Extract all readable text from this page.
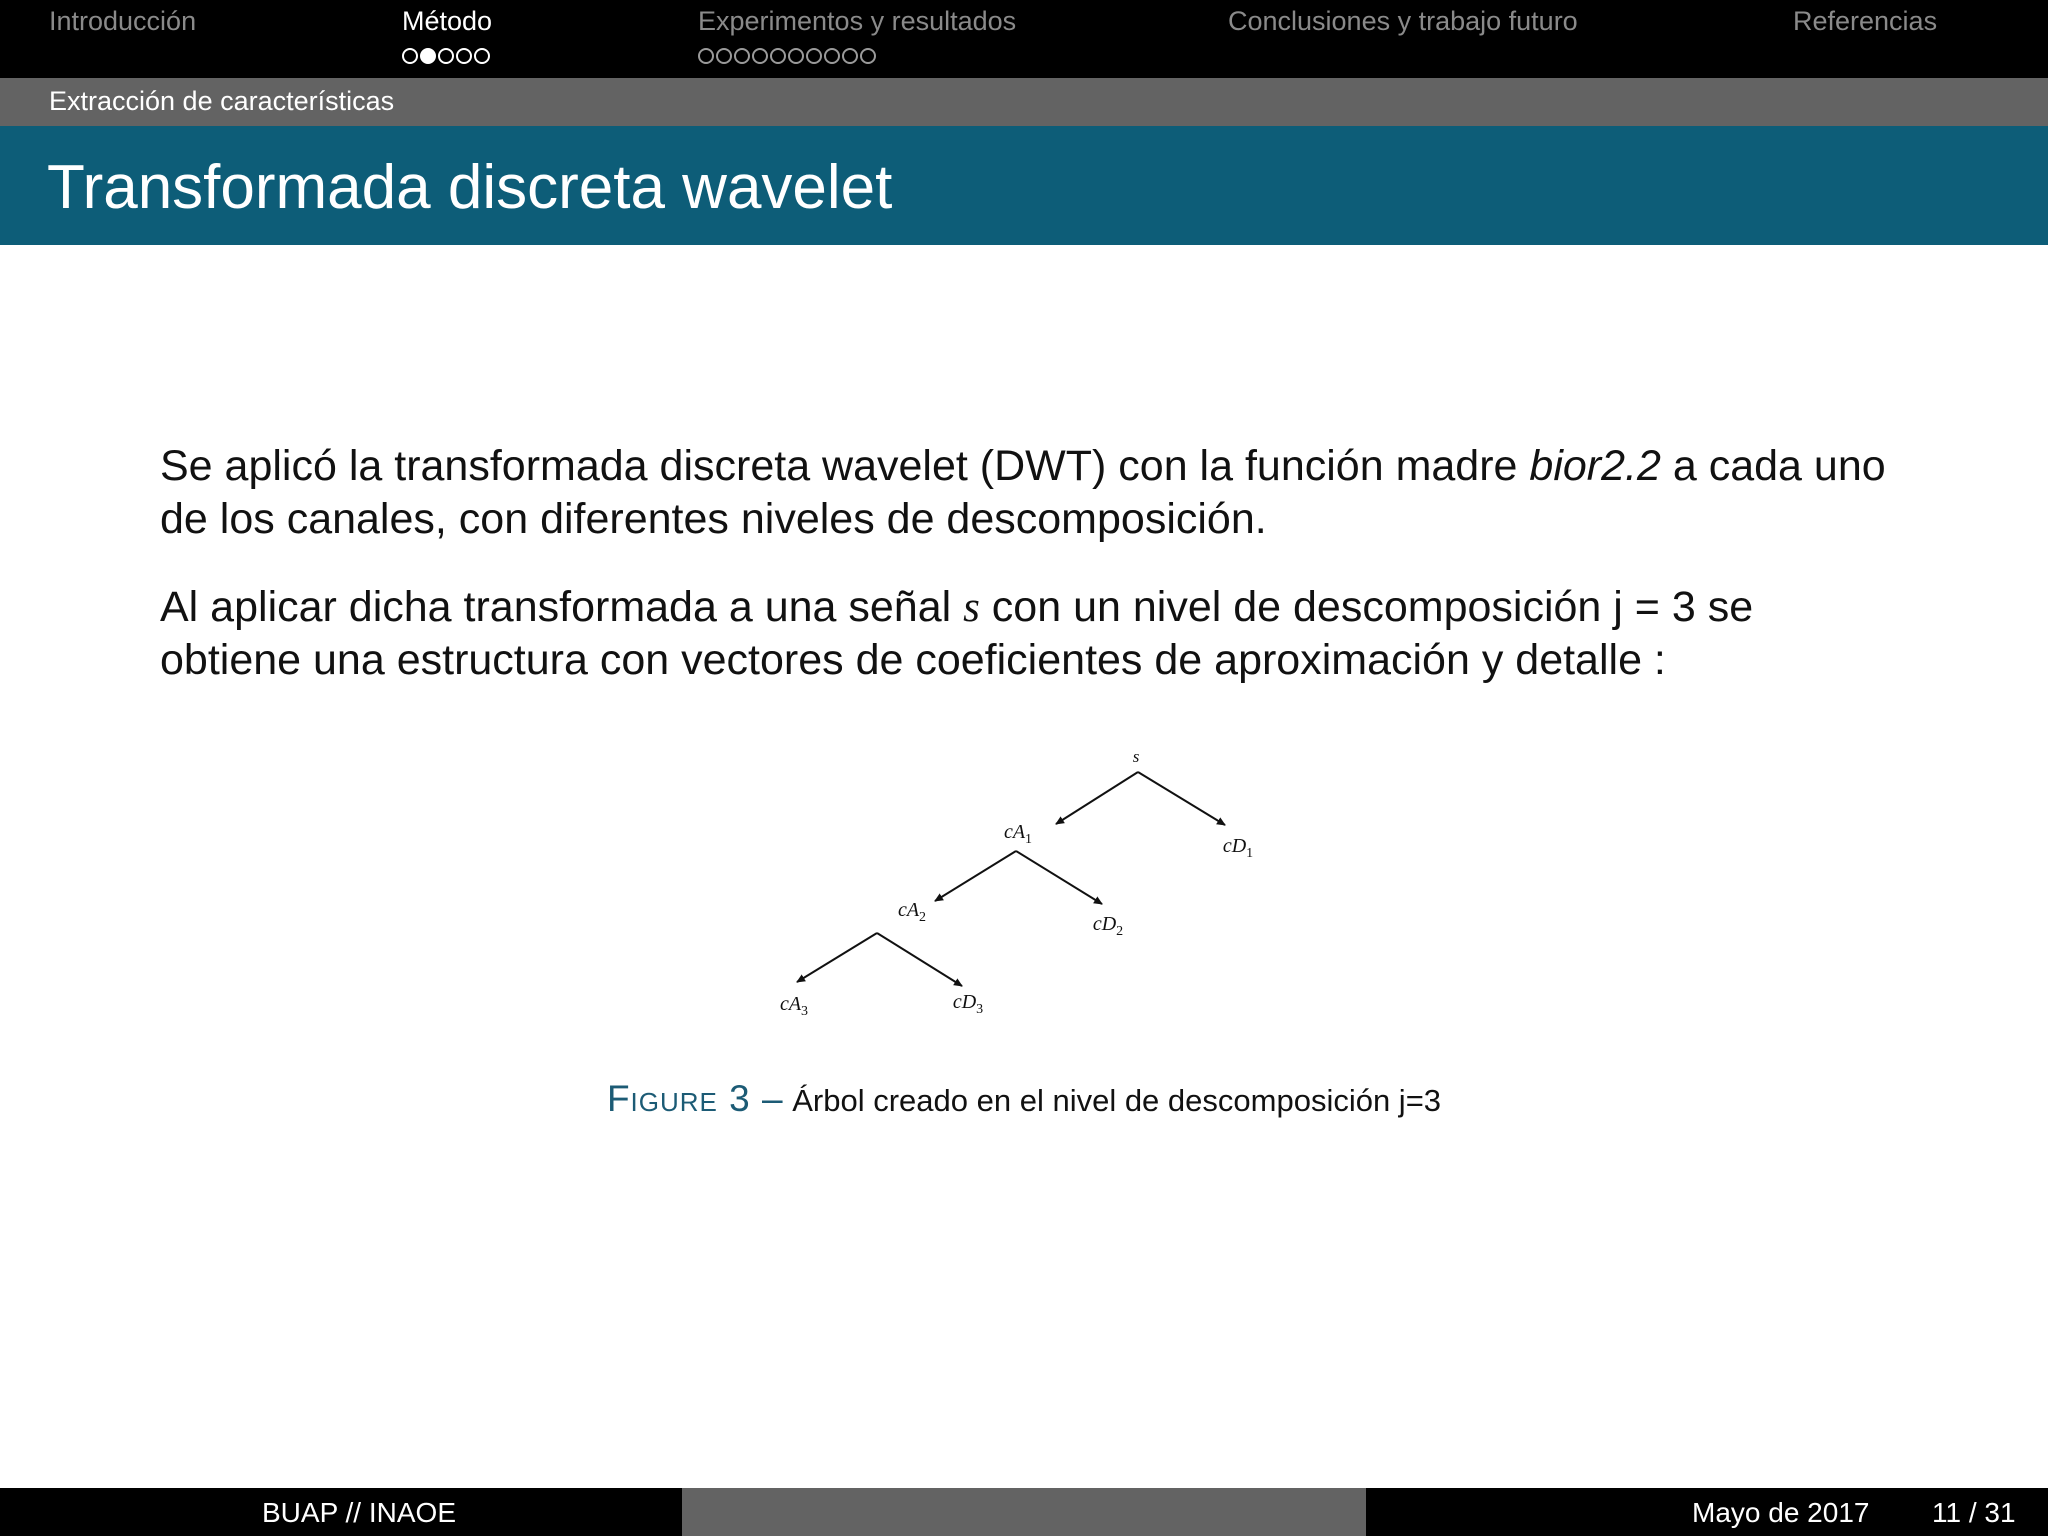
Introducción	Método	Experimentos y resultados	Conclusiones y trabajo futuro	Referencias
Extracción de características
Transformada discreta wavelet

Se aplicó la transformada discreta wavelet (DWT) con la función madre bior2.2 a cada uno de los canales, con diferentes niveles de descomposición.

Al aplicar dicha transformada a una señal s con un nivel de descomposición j = 3 se obtiene una estructura con vectores de coeficientes de aproximación y detalle :

s
$cA_1$	$cD_1$
$cA_2$	$cD_2$
$cA_3$	$cD_3$
Figure 3 – Árbol creado en el nivel de descomposición j=3
BUAP // INAOE	Mayo de 2017 11 / 31
